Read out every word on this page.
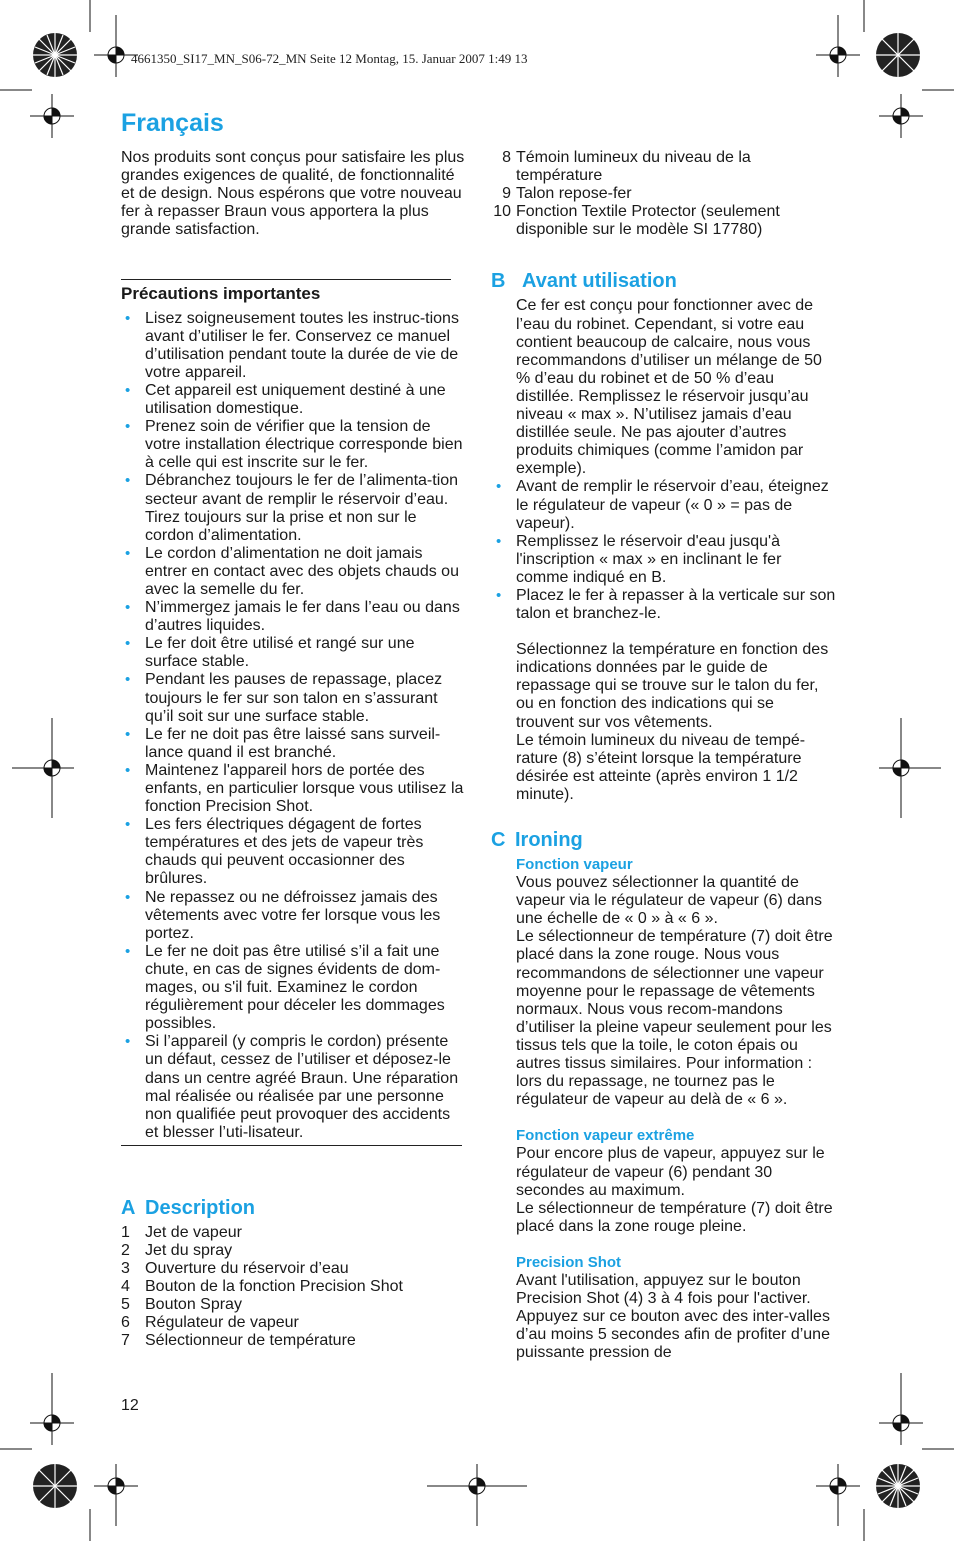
4661350_SI17_MN_S06-72_MN Seite 12 Montag, 15. Januar 2007 1:49 13
Français

Nos produits sont conçus pour satisfaire les plus grandes exigences de qualité, de fonctionnalité et de design. Nous espérons que votre nouveau fer à repasser Braun vous apportera la plus grande satisfaction.

Précautions importantes
• Lisez soigneusement toutes les instruc-tions avant d’utiliser le fer. Conservez ce manuel d’utilisation pendant toute la durée de vie de votre appareil.
• Cet appareil est uniquement destiné à une utilisation domestique.
• Prenez soin de vérifier que la tension de votre installation électrique corresponde bien à celle qui est inscrite sur le fer.
• Débranchez toujours le fer de l’alimenta-tion secteur avant de remplir le réservoir d’eau. Tirez toujours sur la prise et non sur le cordon d’alimentation.
• Le cordon d’alimentation ne doit jamais entrer en contact avec des objets chauds ou avec la semelle du fer.
• N’immergez jamais le fer dans l’eau ou dans d’autres liquides.
• Le fer doit être utilisé et rangé sur une surface stable.
• Pendant les pauses de repassage, placez toujours le fer sur son talon en s’assurant qu’il soit sur une surface stable.
• Le fer ne doit pas être laissé sans surveil-lance quand il est branché.
• Maintenez l'appareil hors de portée des enfants, en particulier lorsque vous utilisez la fonction Precision Shot.
• Les fers électriques dégagent de fortes températures et des jets de vapeur très chauds qui peuvent occasionner des brûlures.
• Ne repassez ou ne défroissez jamais des vêtements avec votre fer lorsque vous les portez.
• Le fer ne doit pas être utilisé s’il a fait une chute, en cas de signes évidents de dom-mages, ou s'il fuit. Examinez le cordon régulièrement pour déceler les dommages possibles.
• Si l’appareil (y compris le cordon) présente un défaut, cessez de l’utiliser et déposez-le dans un centre agréé Braun. Une réparation mal réalisée ou réalisée par une personne non qualifiée peut provoquer des accidents et blesser l’uti-lisateur.
A Description
1 Jet de vapeur
2 Jet du spray
3 Ouverture du réservoir d’eau
4 Bouton de la fonction Precision Shot
5 Bouton Spray
6 Régulateur de vapeur
7 Sélectionneur de température
8 Témoin lumineux du niveau de la température
9 Talon repose-fer
10 Fonction Textile Protector (seulement disponible sur le modèle SI 17780)
B Avant utilisation

Ce fer est conçu pour fonctionner avec de l’eau du robinet. Cependant, si votre eau contient beaucoup de calcaire, nous vous recommandons d’utiliser un mélange de 50 % d’eau du robinet et de 50 % d’eau distillée. Remplissez le réservoir jusqu’au niveau « max ». N’utilisez jamais d’eau distillée seule. Ne pas ajouter d’autres produits chimiques (comme l’amidon par exemple).

• Avant de remplir le réservoir d’eau, éteignez le régulateur de vapeur (« 0 » = pas de vapeur).
• Remplissez le réservoir d'eau jusqu'à l'inscription « max » en inclinant le fer comme indiqué en B.
• Placez le fer à repasser à la verticale sur son talon et branchez-le.

Sélectionnez la température en fonction des indications données par le guide de repassage qui se trouve sur le talon du fer, ou en fonction des indications qui se trouvent sur vos vêtements.

Le témoin lumineux du niveau de tempé-rature (8) s’éteint lorsque la température désirée est atteinte (après environ 1 1/2 minute).

C Ironing
Fonction vapeur

Vous pouvez sélectionner la quantité de vapeur via le régulateur de vapeur (6) dans une échelle de « 0 » à « 6 ».

Le sélectionneur de température (7) doit être placé dans la zone rouge. Nous vous recommandons de sélectionner une vapeur moyenne pour le repassage de vêtements normaux. Nous vous recom-mandons d’utiliser la pleine vapeur seulement pour les tissus tels que la toile, le coton épais ou autres tissus similaires. Pour information : lors du repassage, ne tournez pas le régulateur de vapeur au delà de « 6 ».

Fonction vapeur extrême

Pour encore plus de vapeur, appuyez sur le régulateur de vapeur (6) pendant 30 secondes au maximum.

Le sélectionneur de température (7) doit être placé dans la zone rouge pleine.

Precision Shot

Avant l'utilisation, appuyez sur le bouton Precision Shot (4) 3 à 4 fois pour l'activer. Appuyez sur ce bouton avec des inter-valles d’au moins 5 secondes afin de profiter d’une puissante pression de

12
